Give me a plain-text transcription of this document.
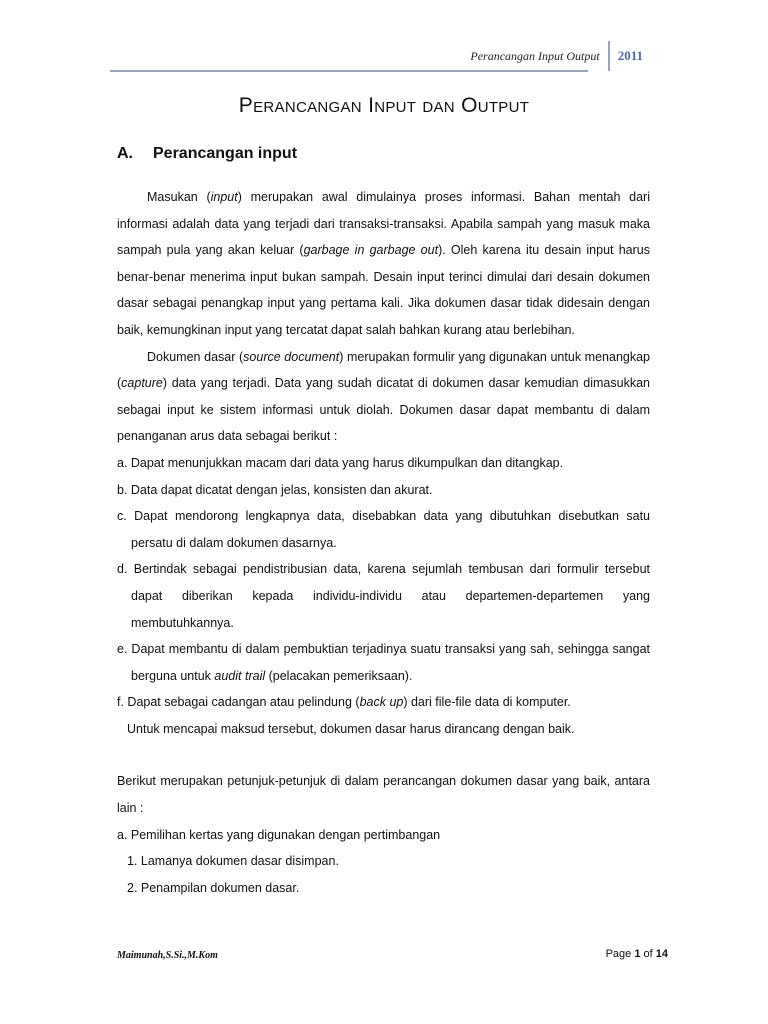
Perancangan Input Output	2011
Perancangan Input dan Output
A. Perancangan input

Masukan (input) merupakan awal dimulainya proses informasi. Bahan mentah dari informasi adalah data yang terjadi dari transaksi-transaksi. Apabila sampah yang masuk maka sampah pula yang akan keluar (garbage in garbage out). Oleh karena itu desain input harus benar-benar menerima input bukan sampah. Desain input terinci dimulai dari desain dokumen dasar sebagai penangkap input yang pertama kali. Jika dokumen dasar tidak didesain dengan baik, kemungkinan input yang tercatat dapat salah bahkan kurang atau berlebihan.

Dokumen dasar (source document) merupakan formulir yang digunakan untuk menangkap (capture) data yang terjadi. Data yang sudah dicatat di dokumen dasar kemudian dimasukkan sebagai input ke sistem informasi untuk diolah. Dokumen dasar dapat membantu di dalam penanganan arus data sebagai berikut :

a. Dapat menunjukkan macam dari data yang harus dikumpulkan dan ditangkap.

b. Data dapat dicatat dengan jelas, konsisten dan akurat.

c. Dapat mendorong lengkapnya data, disebabkan data yang dibutuhkan disebutkan satu persatu di dalam dokumen dasarnya.

d. Bertindak sebagai pendistribusian data, karena sejumlah tembusan dari formulir tersebut dapat diberikan kepada individu-individu atau departemen-departemen yang membutuhkannya.

e. Dapat membantu di dalam pembuktian terjadinya suatu transaksi yang sah, sehingga sangat berguna untuk audit trail (pelacakan pemeriksaan).

f. Dapat sebagai cadangan atau pelindung (back up) dari file-file data di komputer.

Untuk mencapai maksud tersebut, dokumen dasar harus dirancang dengan baik.

Berikut merupakan petunjuk-petunjuk di dalam perancangan dokumen dasar yang baik, antara lain :

a. Pemilihan kertas yang digunakan dengan pertimbangan

1. Lamanya dokumen dasar disimpan.

2. Penampilan dokumen dasar.

Maimunah,S.Si.,M.Kom	Page 1 of 14
